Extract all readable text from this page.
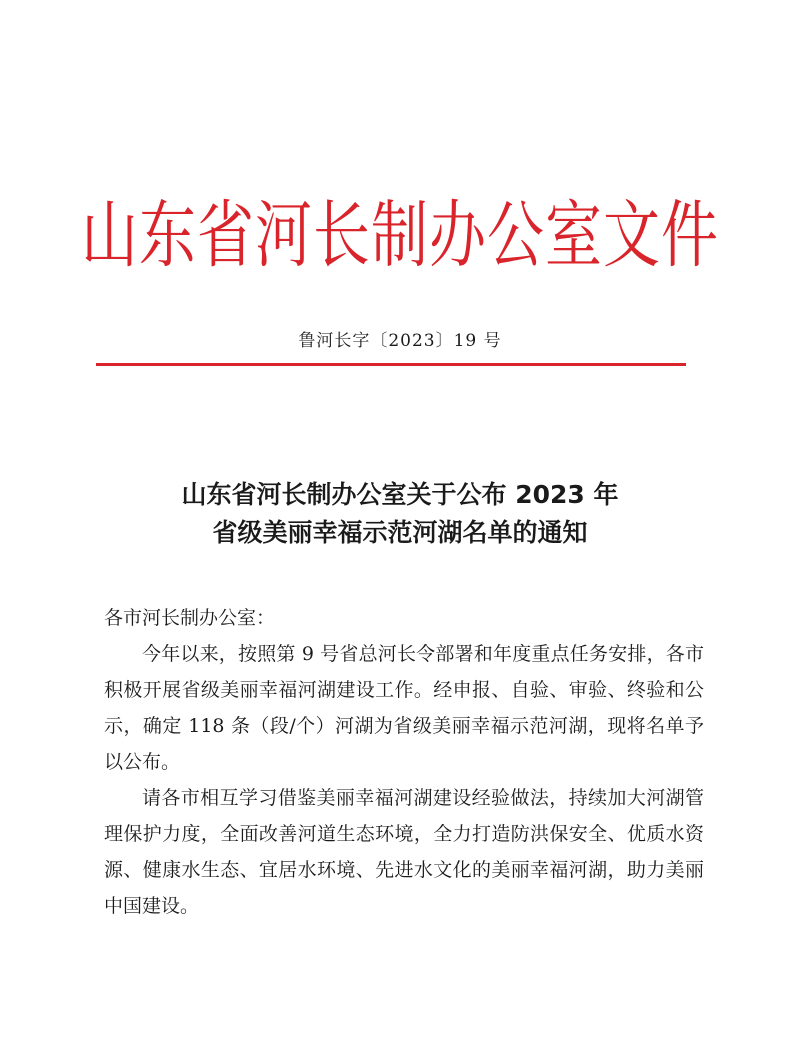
山东省河长制办公室文件
鲁河长字〔2023〕19 号
山东省河长制办公室关于公布 2023 年
省级美丽幸福示范河湖名单的通知
各市河长制办公室：

今年以来，按照第 9 号省总河长令部署和年度重点任务安排，各市积极开展省级美丽幸福河湖建设工作。经申报、自验、审验、终验和公示，确定 118 条（段/个）河湖为省级美丽幸福示范河湖，现将名单予以公布。

请各市相互学习借鉴美丽幸福河湖建设经验做法，持续加大河湖管理保护力度，全面改善河道生态环境，全力打造防洪保安全、优质水资源、健康水生态、宜居水环境、先进水文化的美丽幸福河湖，助力美丽中国建设。
